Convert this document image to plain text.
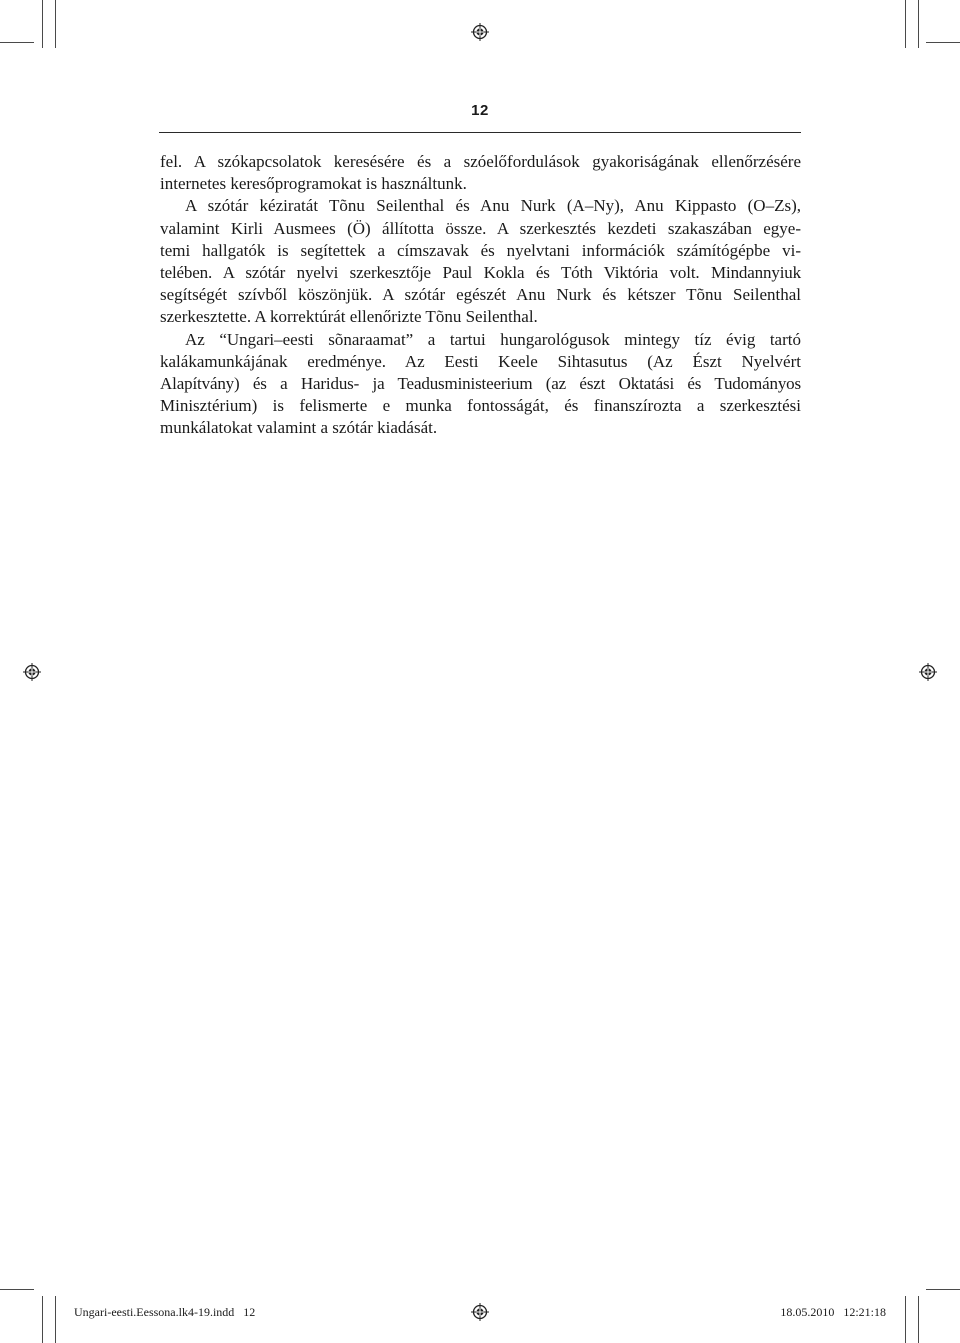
12
fel. A szókapcsolatok keresésére és a szóelőfordulások gyakoriságának ellenőrzésére
internetes keresőprogramokat is használtunk.
A szótár kéziratát Tõnu Seilenthal és Anu Nurk (A–Ny), Anu Kippasto (O–Zs),
valamint Kirli Ausmees (Ö) állította össze. A szerkesztés kezdeti szakaszában egye-
temi hallgatók is segítettek a címszavak és nyelvtani információk számítógépbe vi-
telében. A szótár nyelvi szerkesztője Paul Kokla és Tóth Viktória volt. Mindannyiuk
segítségét szívből köszönjük. A szótár egészét Anu Nurk és kétszer Tõnu Seilenthal
szerkesztette. A korrektúrát ellenőrizte Tõnu Seilenthal.
Az “Ungari–eesti sõnaraamat” a tartui hungarológusok mintegy tíz évig tartó
kalákamunkájának eredménye. Az Eesti Keele Sihtasutus (Az Észt Nyelvért
Alapítvány) és a Haridus- ja Teadusministeerium (az észt Oktatási és Tudományos
Minisztérium) is felismerte e munka fontosságát, és finanszírozta a szerkesztési
munkálatokat valamint a szótár kiadását.
Ungari-eesti.Eessona.lk4-19.indd   12	18.05.2010   12:21:18
